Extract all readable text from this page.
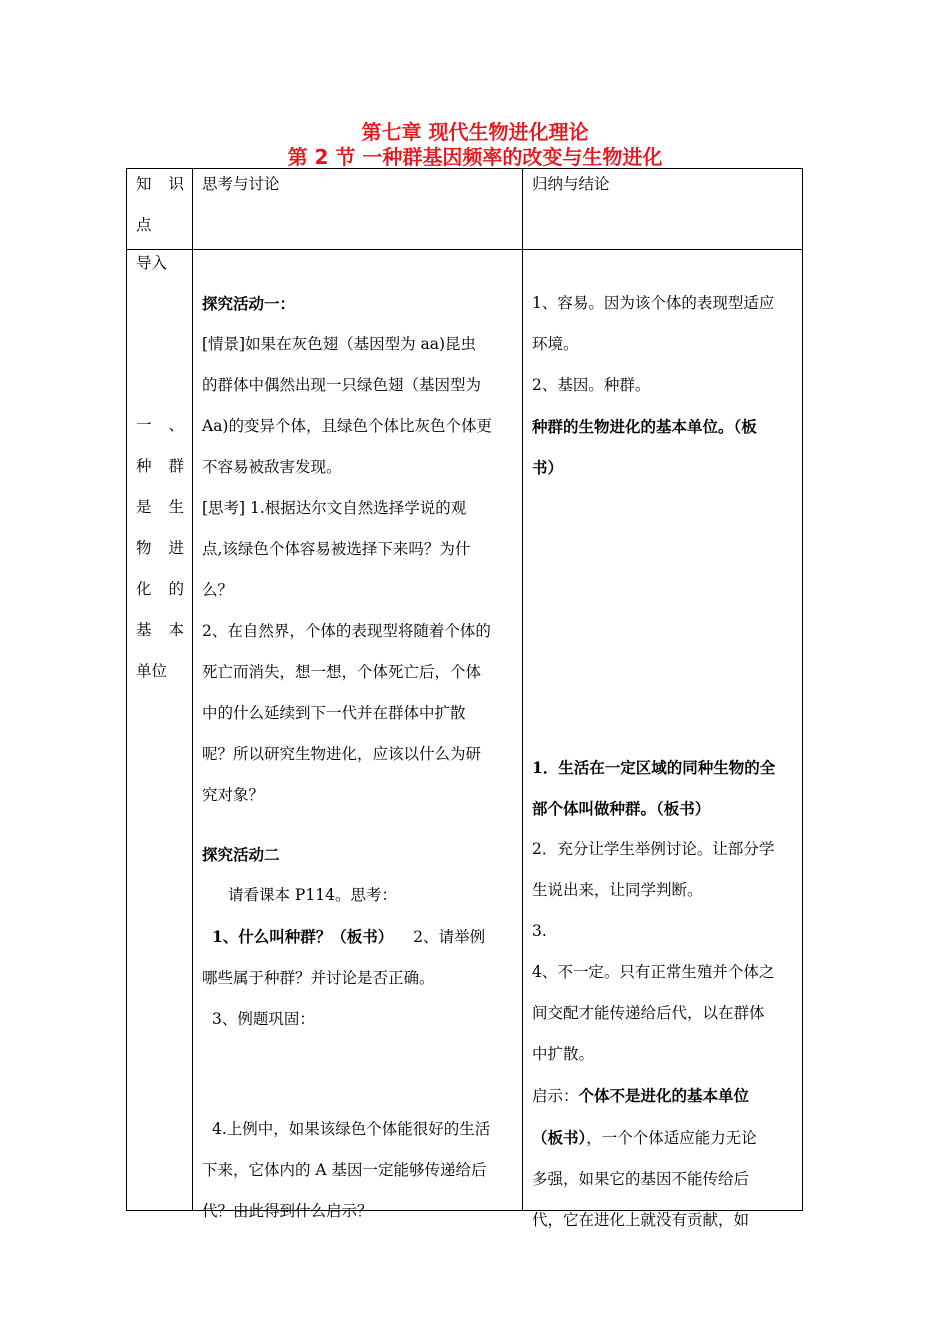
第七章 现代生物进化理论
第 2 节 一种群基因频率的改变与生物进化

知 识

点

思考与讨论	归纳与结论

导入

一 、

种 群

是 生

物 进

化 的

基 本

单位

探究活动一：

[情景]如果在灰色翅（基因型为 aa)昆虫

的群体中偶然出现一只绿色翅（基因型为

Aa)的变异个体，且绿色个体比灰色个体更

不容易被敌害发现。

[思考] 1.根据达尔文自然选择学说的观

点,该绿色个体容易被选择下来吗？为什

么？

2、在自然界，个体的表现型将随着个体的

死亡而消失，想一想，个体死亡后，个体

中的什么延续到下一代并在群体中扩散

呢？所以研究生物进化，应该以什么为研

究对象？

探究活动二

请看课本 P114。思考：

1、什么叫种群？（板书） 2、请举例

哪些属于种群？并讨论是否正确。

3、例题巩固：

4.上例中，如果该绿色个体能很好的生活

下来，它体内的 A 基因一定能够传递给后

代？由此得到什么启示？

1、容易。因为该个体的表现型适应

环境。

2、基因。种群。

种群的生物进化的基本单位。（板

书）

1．生活在一定区域的同种生物的全

部个体叫做种群。（板书）

2．充分让学生举例讨论。让部分学

生说出来，让同学判断。

3.

4、不一定。只有正常生殖并个体之

间交配才能传递给后代，以在群体

中扩散。

启示：个体不是进化的基本单位

（板书），一个个体适应能力无论

多强，如果它的基因不能传给后

代，它在进化上就没有贡献，如
